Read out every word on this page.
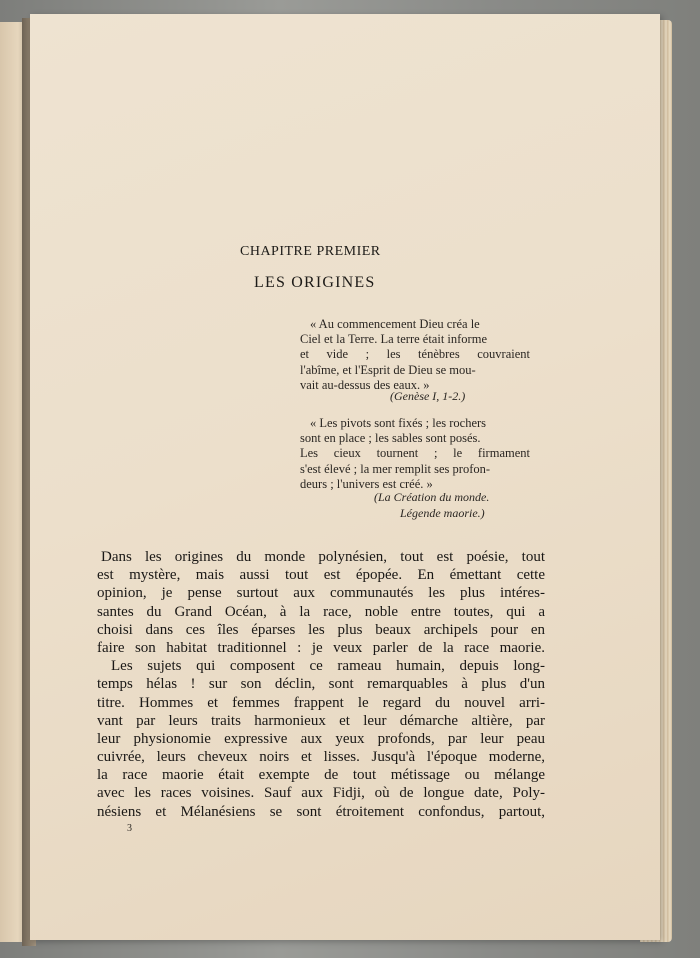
CHAPITRE PREMIER
LES ORIGINES
« Au commencement Dieu créa le
Ciel et la Terre. La terre était informe
et vide ; les ténèbres couvraient
l'abîme, et l'Esprit de Dieu se mou-
vait au-dessus des eaux. »
(Genèse I, 1-2.)
« Les pivots sont fixés ; les rochers
sont en place ; les sables sont posés.
Les cieux tournent ; le firmament
s'est élevé ; la mer remplit ses profon-
deurs ; l'univers est créé. »
(La Création du monde.
Légende maorie.)
Dans les origines du monde polynésien, tout est poésie, tout
est mystère, mais aussi tout est épopée. En émettant cette
opinion, je pense surtout aux communautés les plus intéres-
santes du Grand Océan, à la race, noble entre toutes, qui a
choisi dans ces îles éparses les plus beaux archipels pour en
faire son habitat traditionnel : je veux parler de la race maorie.
Les sujets qui composent ce rameau humain, depuis long-
temps hélas ! sur son déclin, sont remarquables à plus d'un
titre. Hommes et femmes frappent le regard du nouvel arri-
vant par leurs traits harmonieux et leur démarche altière, par
leur physionomie expressive aux yeux profonds, par leur peau
cuivrée, leurs cheveux noirs et lisses. Jusqu'à l'époque moderne,
la race maorie était exempte de tout métissage ou mélange
avec les races voisines. Sauf aux Fidji, où de longue date, Poly-
nésiens et Mélanésiens se sont étroitement confondus, partout,
3
